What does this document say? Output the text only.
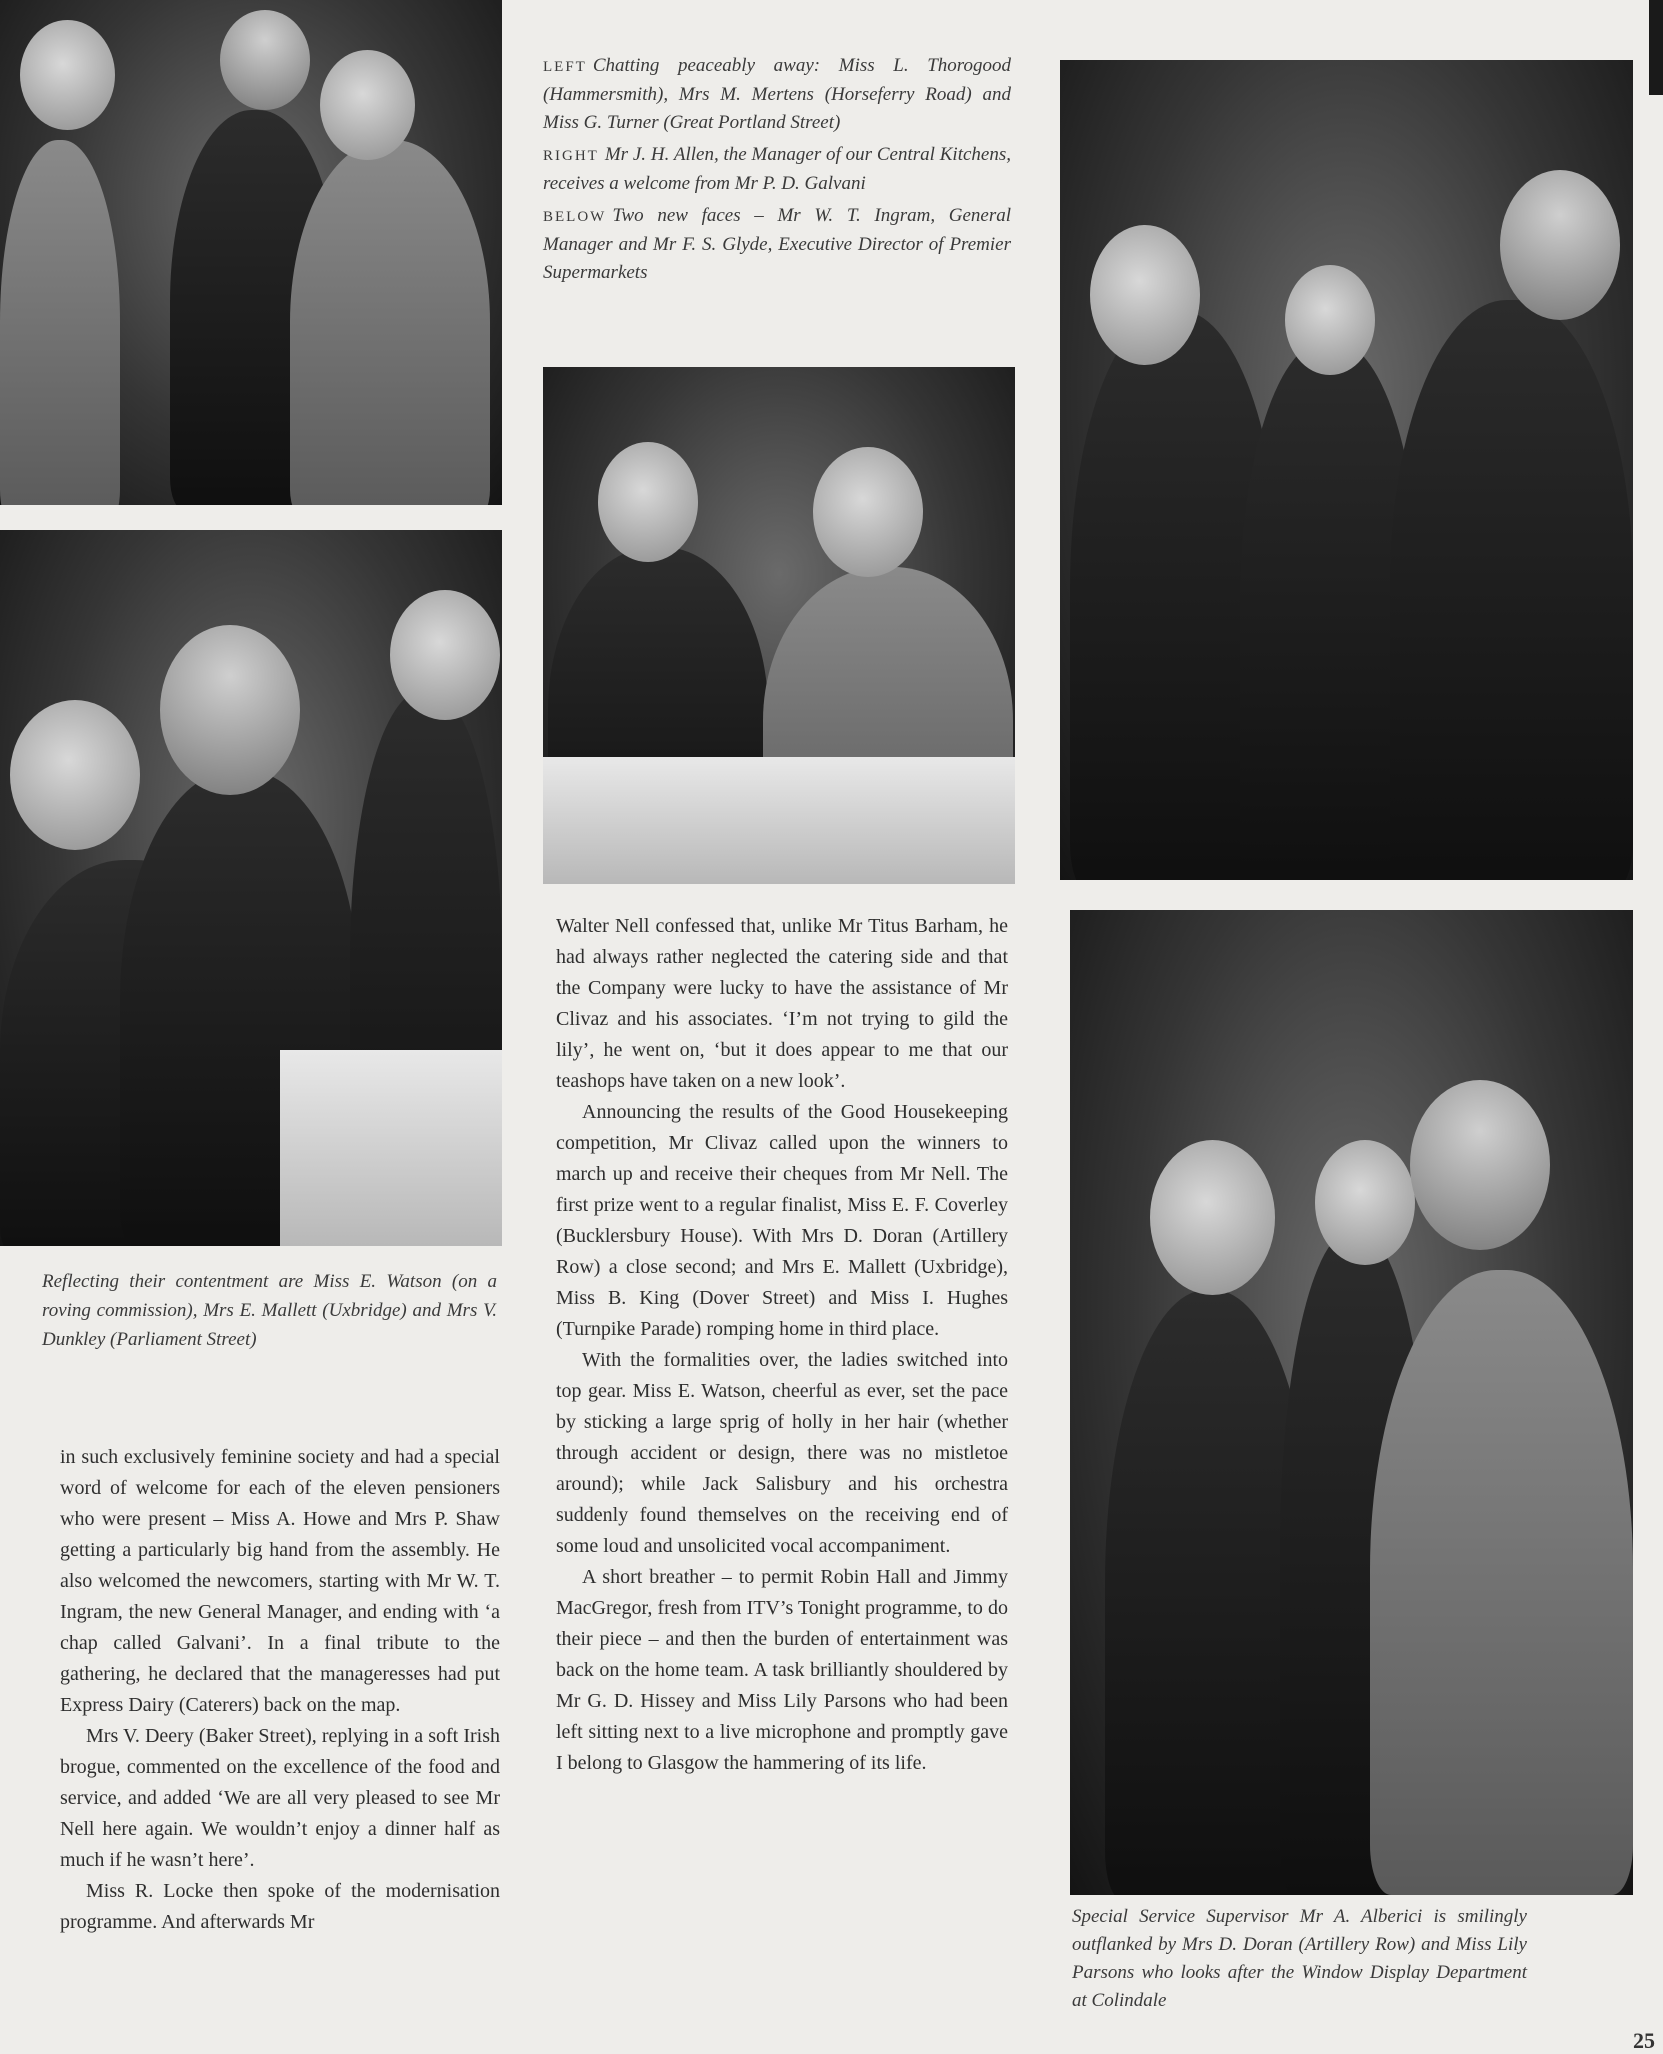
LEFT Chatting peaceably away: Miss L. Thorogood (Hammersmith), Mrs M. Mertens (Horseferry Road) and Miss G. Turner (Great Portland Street)

RIGHT Mr J. H. Allen, the Manager of our Central Kitchens, receives a welcome from Mr P. D. Galvani

BELOW Two new faces – Mr W. T. Ingram, General Manager and Mr F. S. Glyde, Executive Director of Premier Supermarkets

Reflecting their contentment are Miss E. Watson (on a roving commission), Mrs E. Mallett (Uxbridge) and Mrs V. Dunkley (Parliament Street)
Special Service Supervisor Mr A. Alberici is smilingly outflanked by Mrs D. Doran (Artillery Row) and Miss Lily Parsons who looks after the Window Display Department at Colindale

in such exclusively feminine society and had a special word of welcome for each of the eleven pensioners who were present – Miss A. Howe and Mrs P. Shaw getting a particularly big hand from the assembly. He also welcomed the newcomers, starting with Mr W. T. Ingram, the new General Manager, and ending with ‘a chap called Galvani’. In a final tribute to the gathering, he declared that the manageresses had put Express Dairy (Caterers) back on the map.

Mrs V. Deery (Baker Street), replying in a soft Irish brogue, commented on the excellence of the food and service, and added ‘We are all very pleased to see Mr Nell here again. We wouldn’t enjoy a dinner half as much if he wasn’t here’.

Miss R. Locke then spoke of the modernisation programme. And afterwards Mr

Walter Nell confessed that, unlike Mr Titus Barham, he had always rather neglected the catering side and that the Company were lucky to have the assistance of Mr Clivaz and his associates. ‘I’m not trying to gild the lily’, he went on, ‘but it does appear to me that our teashops have taken on a new look’.

Announcing the results of the Good Housekeeping competition, Mr Clivaz called upon the winners to march up and receive their cheques from Mr Nell. The first prize went to a regular finalist, Miss E. F. Coverley (Bucklersbury House). With Mrs D. Doran (Artillery Row) a close second; and Mrs E. Mallett (Uxbridge), Miss B. King (Dover Street) and Miss I. Hughes (Turnpike Parade) romping home in third place.

With the formalities over, the ladies switched into top gear. Miss E. Watson, cheerful as ever, set the pace by sticking a large sprig of holly in her hair (whether through accident or design, there was no mistletoe around); while Jack Salisbury and his orchestra suddenly found themselves on the receiving end of some loud and unsolicited vocal accompaniment.

A short breather – to permit Robin Hall and Jimmy MacGregor, fresh from ITV’s Tonight programme, to do their piece – and then the burden of entertainment was back on the home team. A task brilliantly shouldered by Mr G. D. Hissey and Miss Lily Parsons who had been left sitting next to a live microphone and promptly gave I belong to Glasgow the hammering of its life.

25
